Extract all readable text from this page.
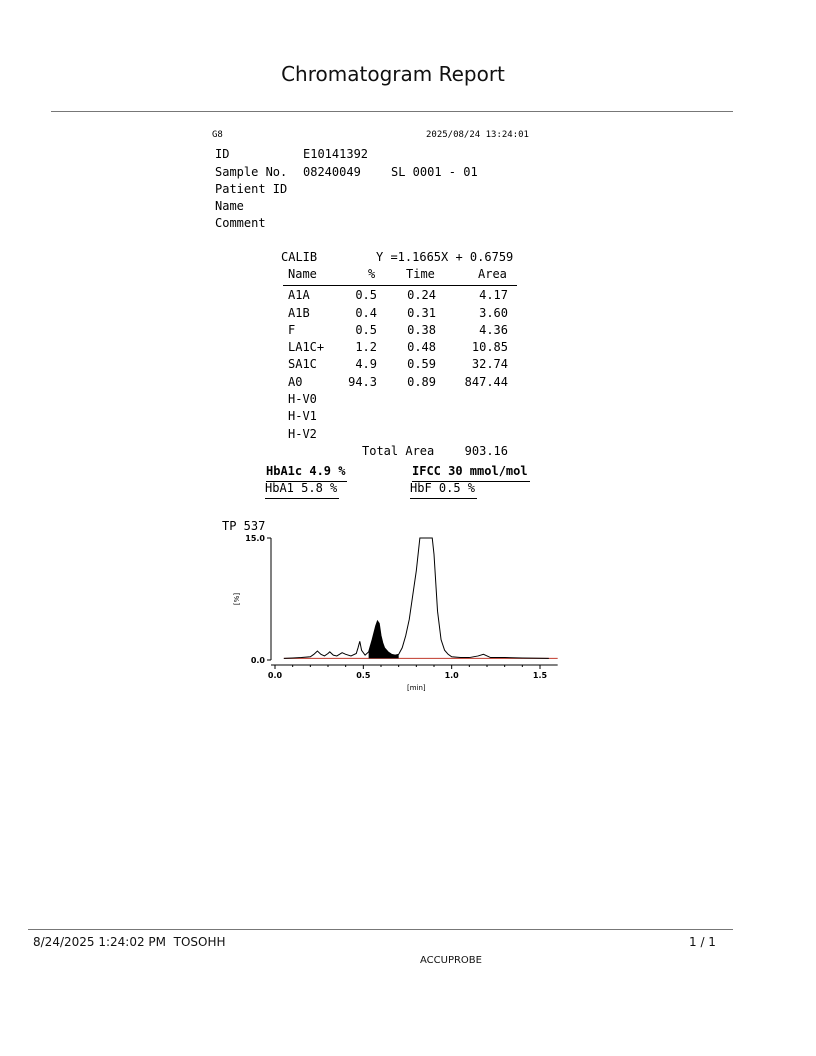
Chromatogram Report
G8	2025/08/24 13:24:01
ID	E10141392
Sample No. 08240049	SL 0001 - 01
Patient ID
Name
Comment
CALIB	Y =1.1665X + 0.6759
Name	%	Time	Area
A1A	0.5	0.24	4.17
A1B	0.4	0.31	3.60
F	0.5	0.38	4.36
LA1C+	1.2	0.48	10.85
SA1C	4.9	0.59	32.74
A0	94.3	0.89 847.44
H-V0
H-V1
H-V2
Total Area	903.16
HbA1c 4.9 %	IFCC 30 mmol/mol
HbA1 5.8 %	HbF 0.5 %
TP 537
15.0
0.0
0.0	0.5	1.0	1.5
[min]
[%]
8/24/2025 1:24:02 PM  TOSOHH	1 / 1
ACCUPROBE
